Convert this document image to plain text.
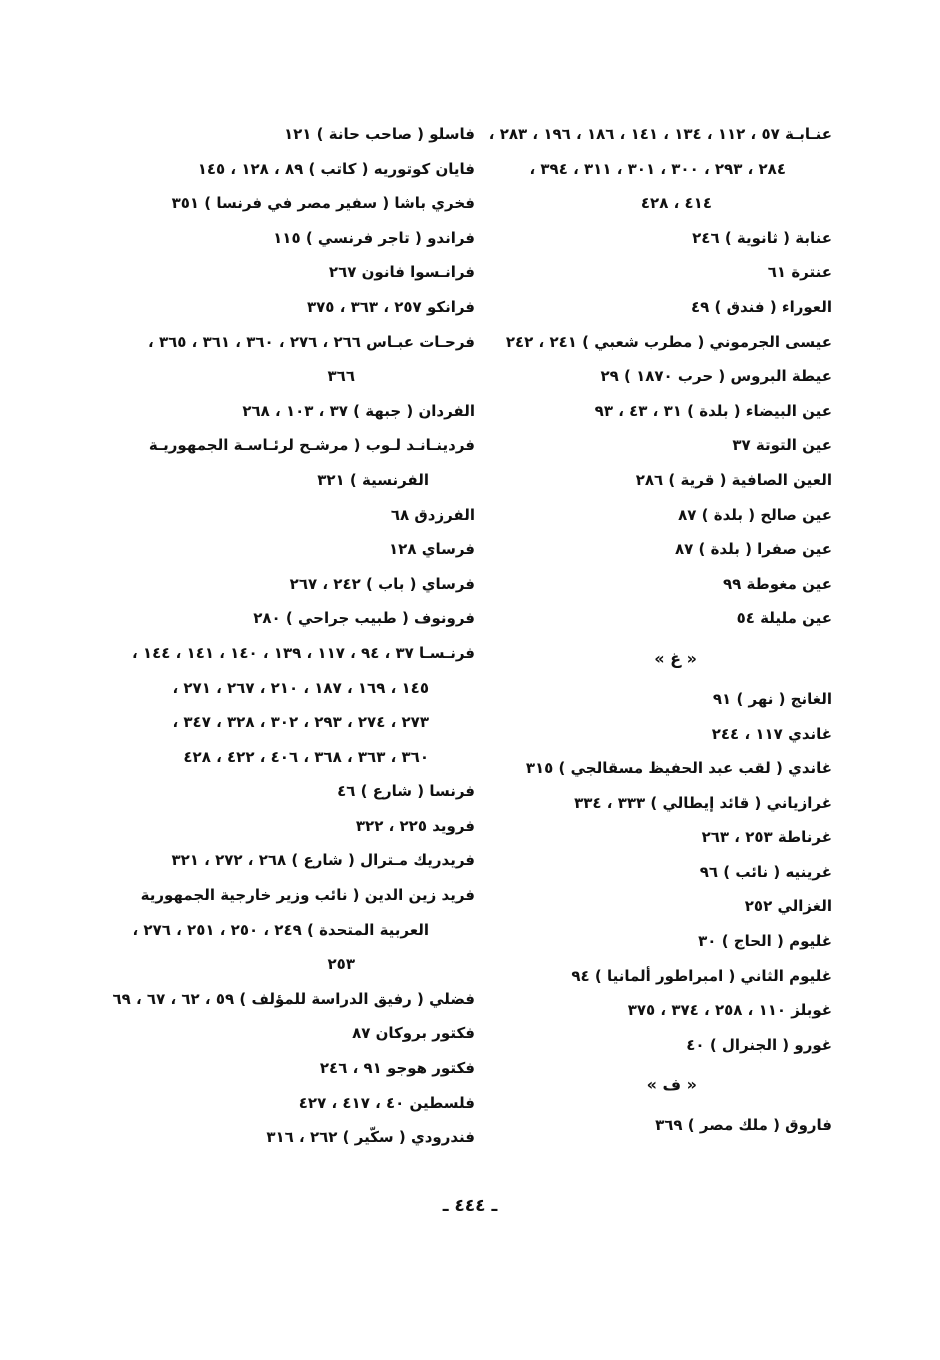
عنـابـة ٥٧ ، ١١٢ ، ١٣٤ ، ١٤١ ، ١٨٦ ، ١٩٦ ، ٢٨٣ ،
٢٨٤ ، ٢٩٣ ، ٣٠٠ ، ٣٠١ ، ٣١١ ، ٣٩٤ ،
٤١٤ ، ٤٢٨
عنابة ( ثانوية ) ٢٤٦
عنترة ٦١
العوراء ( فندق ) ٤٩
عيسى الجرموني ( مطرب شعبي ) ٢٤١ ، ٢٤٢
عيطة البروس ( حرب ١٨٧٠ ) ٢٩
عين البيضاء ( بلدة ) ٣١ ، ٤٣ ، ٩٣
عين التوتة ٣٧
العين الصافية ( قرية ) ٢٨٦
عين صالح ( بلدة ) ٨٧
عين صفرا ( بلدة ) ٨٧
عين مغوطة ٩٩
عين مليلة ٥٤
« غ »
الغانج ( نهر ) ٩١
غاندي ١١٧ ، ٢٤٤
غاندي ( لقب عبد الحفيظ مسقالجي ) ٣١٥
غرازياني ( قائد إيطالي ) ٣٣٣ ، ٣٣٤
غرناطة ٢٥٣ ، ٢٦٣
غرينيه ( نائب ) ٩٦
الغزالي ٢٥٢
غليوم ( الحاج ) ٣٠
غليوم الثاني ( امبراطور ألمانيا ) ٩٤
غوبلز ١١٠ ، ٢٥٨ ، ٣٧٤ ، ٣٧٥
غورو ( الجنرال ) ٤٠
« ف »
فاروق ( ملك مصر ) ٣٦٩
فاسلو ( صاحب حانة ) ١٢١
فايان كوتوريه ( كاتب ) ٨٩ ، ١٢٨ ، ١٤٥
فخري باشا ( سفير مصر في فرنسا ) ٣٥١
فراندو ( تاجر فرنسي ) ١١٥
فرانـسوا فانون ٢٦٧
فرانكو ٢٥٧ ، ٣٦٣ ، ٣٧٥
فرحـات عبـاس ٢٦٦ ، ٢٧٦ ، ٣٦٠ ، ٣٦١ ، ٣٦٥ ،
٣٦٦
الفردان ( جبهة ) ٣٧ ، ١٠٣ ، ٢٦٨
فردينـانـد لـوب ( مرشـح لرئـاسـة الجمهوريـة
الفرنسية ) ٣٢١
الفرزدق ٦٨
فرساي ١٢٨
فرساي ( باب ) ٢٤٢ ، ٢٦٧
فرونوف ( طبيب جراحي ) ٢٨٠
فرنـسـا ٣٧ ، ٩٤ ، ١١٧ ، ١٣٩ ، ١٤٠ ، ١٤١ ، ١٤٤ ،
١٤٥ ، ١٦٩ ، ١٨٧ ، ٢١٠ ، ٢٦٧ ، ٢٧١ ،
٢٧٣ ، ٢٧٤ ، ٢٩٣ ، ٣٠٢ ، ٣٢٨ ، ٣٤٧ ،
٣٦٠ ، ٣٦٣ ، ٣٦٨ ، ٤٠٦ ، ٤٢٢ ، ٤٢٨
فرنسا ( شارع ) ٤٦
فرويد ٢٢٥ ، ٣٢٢
فريدريك مـترال ( شارع ) ٢٦٨ ، ٢٧٢ ، ٣٢١
فريد زين الدين ( نائب وزير خارجية الجمهورية
العربية المتحدة ) ٢٤٩ ، ٢٥٠ ، ٢٥١ ، ٢٧٦ ،
٢٥٣
فضلي ( رفيق الدراسة للمؤلف ) ٥٩ ، ٦٢ ، ٦٧ ، ٦٩
فكتور بروكان ٨٧
فكتور هوجو ٩١ ، ٢٤٦
فلسطين ٤٠ ، ٤١٧ ، ٤٢٧
فندرودي ( سكّير ) ٢٦٢ ، ٣١٦
ـ ٤٤٤ ـ
